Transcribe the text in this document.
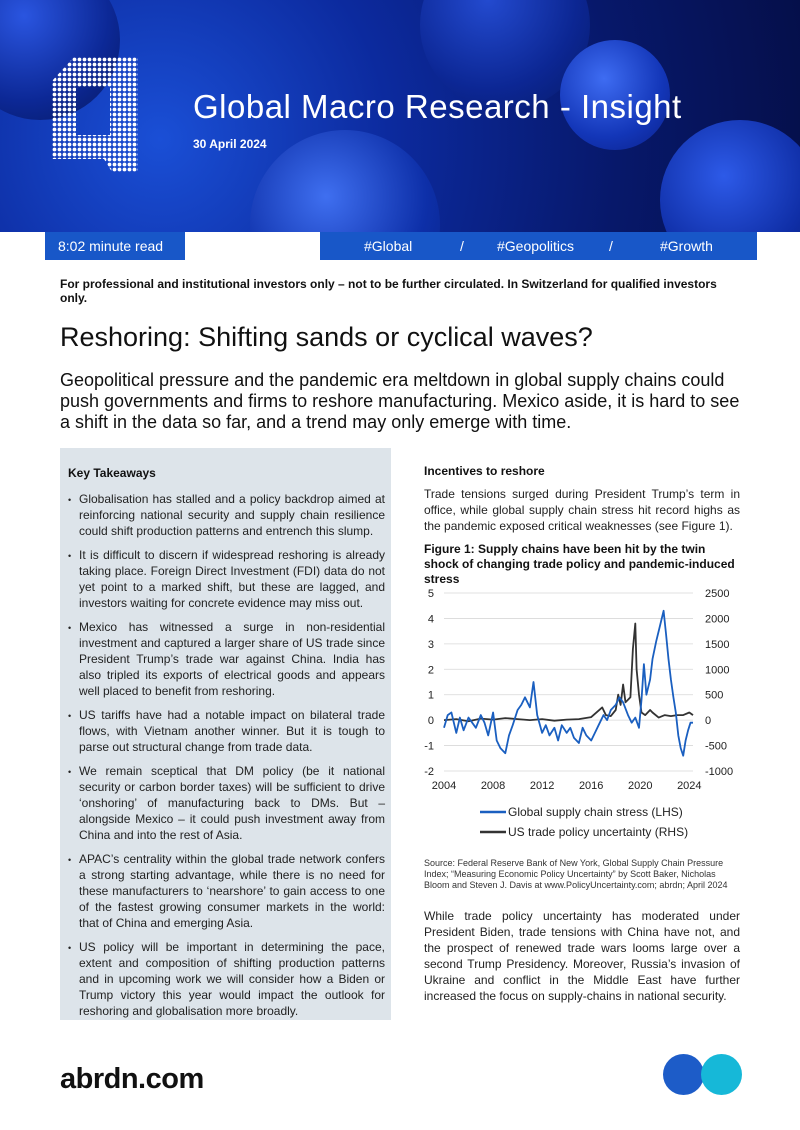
Global Macro Research - Insight
30 April 2024
8:02 minute read	#Global	/ #Geopolitics /	#Growth
For professional and institutional investors only – not to be further circulated. In Switzerland for qualified investors only.
Reshoring: Shifting sands or cyclical waves?

Geopolitical pressure and the pandemic era meltdown in global supply chains could push governments and firms to reshore manufacturing. Mexico aside, it is hard to see a shift in the data so far, and a trend may only emerge with time.

Key Takeaways
• Globalisation has stalled and a policy backdrop aimed at reinforcing national security and supply chain resilience could shift production patterns and entrench this slump.
• It is difficult to discern if widespread reshoring is already taking place. Foreign Direct Investment (FDI) data do not yet point to a marked shift, but these are lagged, and investors waiting for concrete evidence may miss out.
• Mexico has witnessed a surge in non-residential investment and captured a larger share of US trade since President Trump’s trade war against China. India has also tripled its exports of electrical goods and appears well placed to benefit from reshoring.
• US tariffs have had a notable impact on bilateral trade flows, with Vietnam another winner. But it is tough to parse out structural change from trade data.
• We remain sceptical that DM policy (be it national security or carbon border taxes) will be sufficient to drive ‘onshoring’ of manufacturing back to DMs. But – alongside Mexico – it could push investment away from China and into the rest of Asia.
• APAC’s centrality within the global trade network confers a strong starting advantage, while there is no need for these manufacturers to ‘nearshore’ to gain access to one of the fastest growing consumer markets in the world: that of China and emerging Asia.
• US policy will be important in determining the pace, extent and composition of shifting production patterns and in upcoming work we will consider how a Biden or Trump victory this year would impact the outlook for reshoring and globalisation more broadly.
Incentives to reshore

Trade tensions surged during President Trump’s term in office, while global supply chain stress hit record highs as the pandemic exposed critical weaknesses (see Figure 1).

Figure 1: Supply chains have been hit by the twin shock of changing trade policy and pandemic-induced stress
5
4
3
2
1
0
-1
-2
2500
2000
1500
1000
500
0
-500
-1000
2004 2008 2012 2016 2020 2024
Global supply chain stress (LHS)
US trade policy uncertainty (RHS)

Source: Federal Reserve Bank of New York, Global Supply Chain Pressure Index; “Measuring Economic Policy Uncertainty” by Scott Baker, Nicholas Bloom and Steven J. Davis at www.PolicyUncertainty.com; abrdn; April 2024

While trade policy uncertainty has moderated under President Biden, trade tensions with China have not, and the prospect of renewed trade wars looms large over a second Trump Presidency. Moreover, Russia’s invasion of Ukraine and conflict in the Middle East have further increased the focus on supply-chains in national security.

abrdn.com
